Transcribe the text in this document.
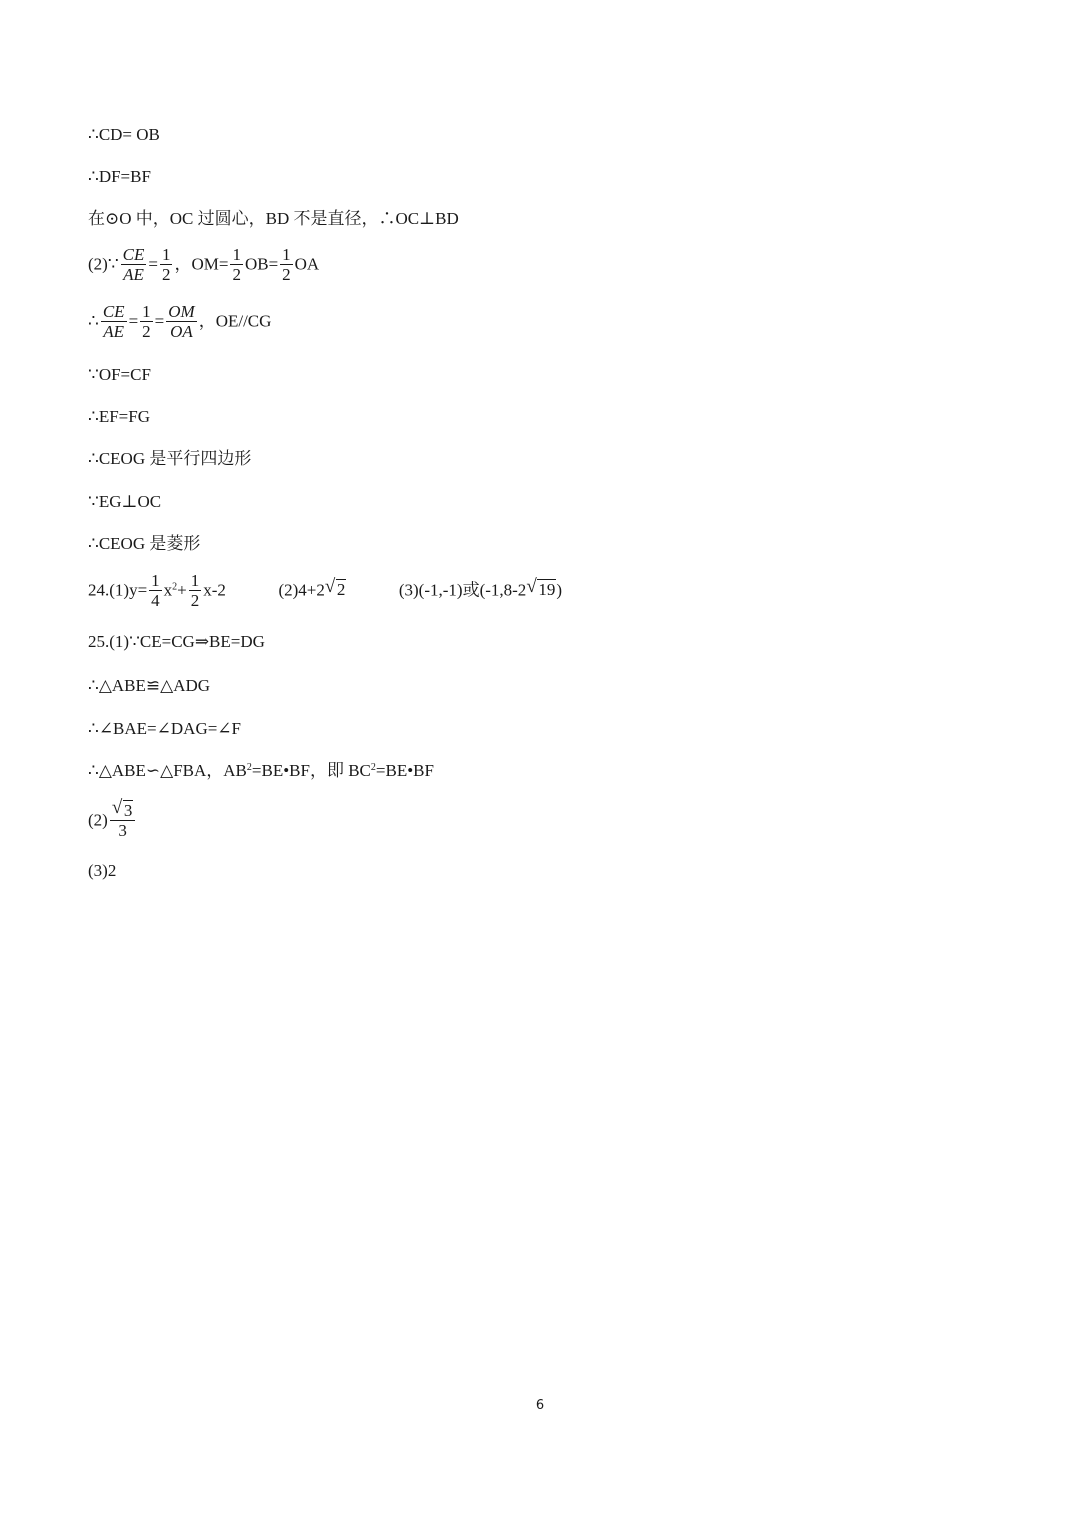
∴CD= OB
∴DF=BF
在⊙O 中，OC 过圆心，BD 不是直径，∴OC⊥BD
(2)∵ $\frac{CE}{AE} = \frac{1}{2}$ ，$OM= \frac{1}{2} OB= \frac{1}{2}$ OA
∴ $\frac{CE}{AE} = \frac{1}{2} = \frac{OM}{OA}$ ，OE//CG
∵OF=CF
∴EF=FG
∴CEOG 是平行四边形
∵EG⊥OC
∴CEOG 是菱形
$24.(1)y= \frac{1}{4} x^2+ \frac{1}{2} x-2$	(2)4+2 √ 2	(3)(-1,-1)或(-1,8-2 √ 19)
25.(1)∵CE=CG⇒BE=DG
∴△ABE≌△ADG
∴∠BAE=∠DAG=∠F
∴△ABE∽△FBA，$AB^2=BE•BF$，即 $BC^2=BE•BF$
$(2) \frac{√ 3}{3}$
(3)2
6
